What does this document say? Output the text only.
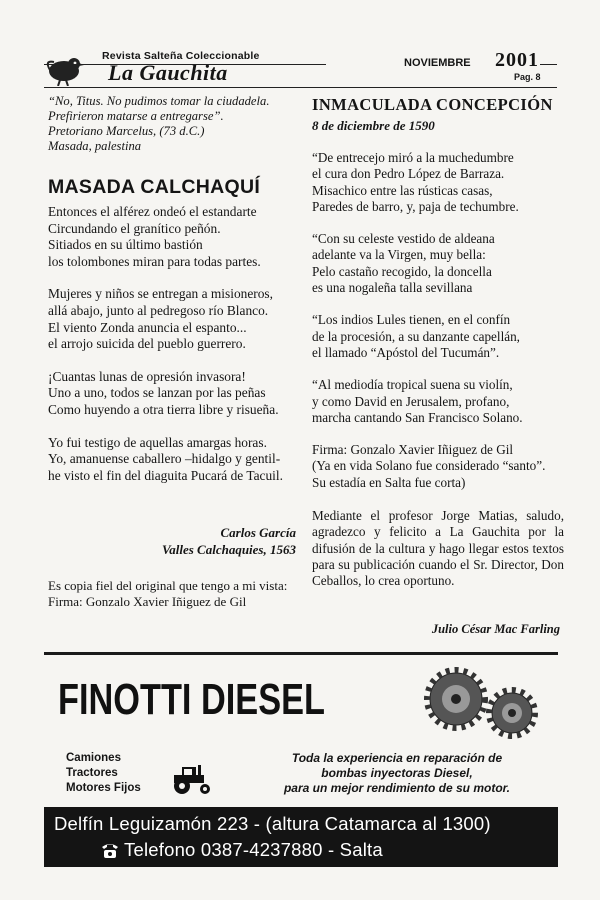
Revista Salteña Coleccionable
La Gauchita	NOVIEMBRE 2001
Pag. 8
“No, Titus. No pudimos tomar la ciudadela.
Prefirieron matarse a entregarse”.
Pretoriano Marcelus, (73 d.C.)
Masada, palestina
MASADA CALCHAQUÍ
Entonces el alférez ondeó el estandarte
Circundando el granítico peñón.
Sitiados en su último bastión
los tolombones miran para todas partes.
Mujeres y niños se entregan a misioneros,
allá abajo, junto al pedregoso río Blanco.
El viento Zonda anuncia el espanto...
el arrojo suicida del pueblo guerrero.
¡Cuantas lunas de opresión invasora!
Uno a uno, todos se lanzan por las peñas
Como huyendo a otra tierra libre y risueña.
Yo fui testigo de aquellas amargas horas.
Yo, amanuense caballero –hidalgo y gentil-
he visto el fin del diaguita Pucará de Tacuil.
Carlos García
Valles Calchaquies, 1563
Es copia fiel del original que tengo a mi vista:
Firma: Gonzalo Xavier Iñiguez de Gil
INMACULADA CONCEPCIÓN
8 de diciembre de 1590
“De entrecejo miró a la muchedumbre
el cura don Pedro López de Barraza.
Misachico entre las rústicas casas,
Paredes de barro, y, paja de techumbre.
“Con su celeste vestido de aldeana
adelante va la Virgen, muy bella:
Pelo castaño recogido, la doncella
es una nogaleña talla sevillana
“Los indios Lules tienen, en el confín
de la procesión, a su danzante capellán,
el llamado “Apóstol del Tucumán”.
“Al mediodía tropical suena su violín,
y como David en Jerusalem, profano,
marcha cantando San Francisco Solano.
Firma: Gonzalo Xavier Iñiguez de Gil
(Ya en vida Solano fue considerado “santo”.
Su estadía en Salta fue corta)
Mediante el profesor Jorge Matias, saludo, agradezco y felicito a La Gauchita por la difusión de la cultura y hago llegar estos textos para su publicación cuando el Sr. Director, Don Ceballos, lo crea oportuno.
Julio César Mac Farling
FINOTTI DIESEL
Camiones
Tractores
Motores Fijos
Toda la experiencia en reparación de
bombas inyectoras Diesel,
para un mejor rendimiento de su motor.
Delfín Leguizamón 223 - (altura Catamarca al 1300)
Telefono 0387-4237880 - Salta
